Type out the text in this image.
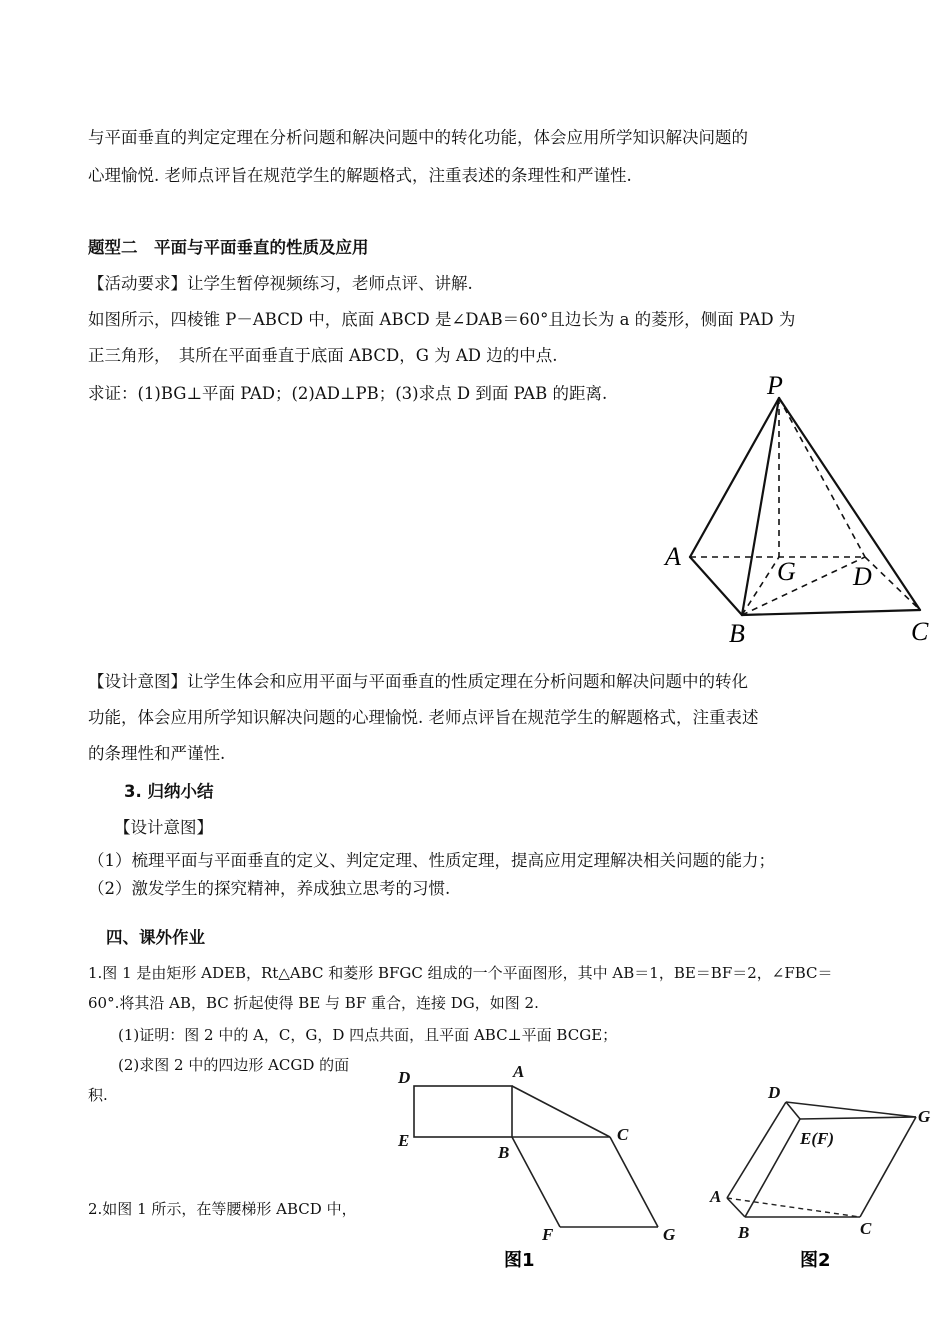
与平面垂直的判定定理在分析问题和解决问题中的转化功能，体会应用所学知识解决问题的

心理愉悦. 老师点评旨在规范学生的解题格式，注重表述的条理性和严谨性.

题型二　平面与平面垂直的性质及应用

【活动要求】让学生暂停视频练习，老师点评、讲解.

如图所示，四棱锥 P－ABCD 中，底面 ABCD 是∠DAB＝60°且边长为 a 的菱形，侧面 PAD 为

正三角形，　其所在平面垂直于底面 ABCD，G 为 AD 边的中点.

求证：(1)BG⊥平面 PAD；(2)AD⊥PB；(3)求点 D 到面 PAB 的距离.	P
A
G D
B	C

【设计意图】让学生体会和应用平面与平面垂直的性质定理在分析问题和解决问题中的转化

功能，体会应用所学知识解决问题的心理愉悦. 老师点评旨在规范学生的解题格式，注重表述

的条理性和严谨性.

3. 归纳小结

【设计意图】

（1）梳理平面与平面垂直的定义、判定定理、性质定理，提高应用定理解决相关问题的能力；

（2）激发学生的探究精神，养成独立思考的习惯.

四、课外作业

1.图 1 是由矩形 ADEB，Rt△ABC 和菱形 BFGC 组成的一个平面图形，其中 AB＝1，BE＝BF＝2，∠FBC＝

60°.将其沿 AB，BC 折起使得 BE 与 BF 重合，连接 DG，如图 2.

(1)证明：图 2 中的 A，C，G，D 四点共面，且平面 ABC⊥平面 BCGE；

(2)求图 2 中的四边形 ACGD 的面

积.

2.如图 1 所示，在等腰梯形 ABCD 中，

D	A
E
B
C
F	G
图1
D
G
E(F)
A
B	C
图2
